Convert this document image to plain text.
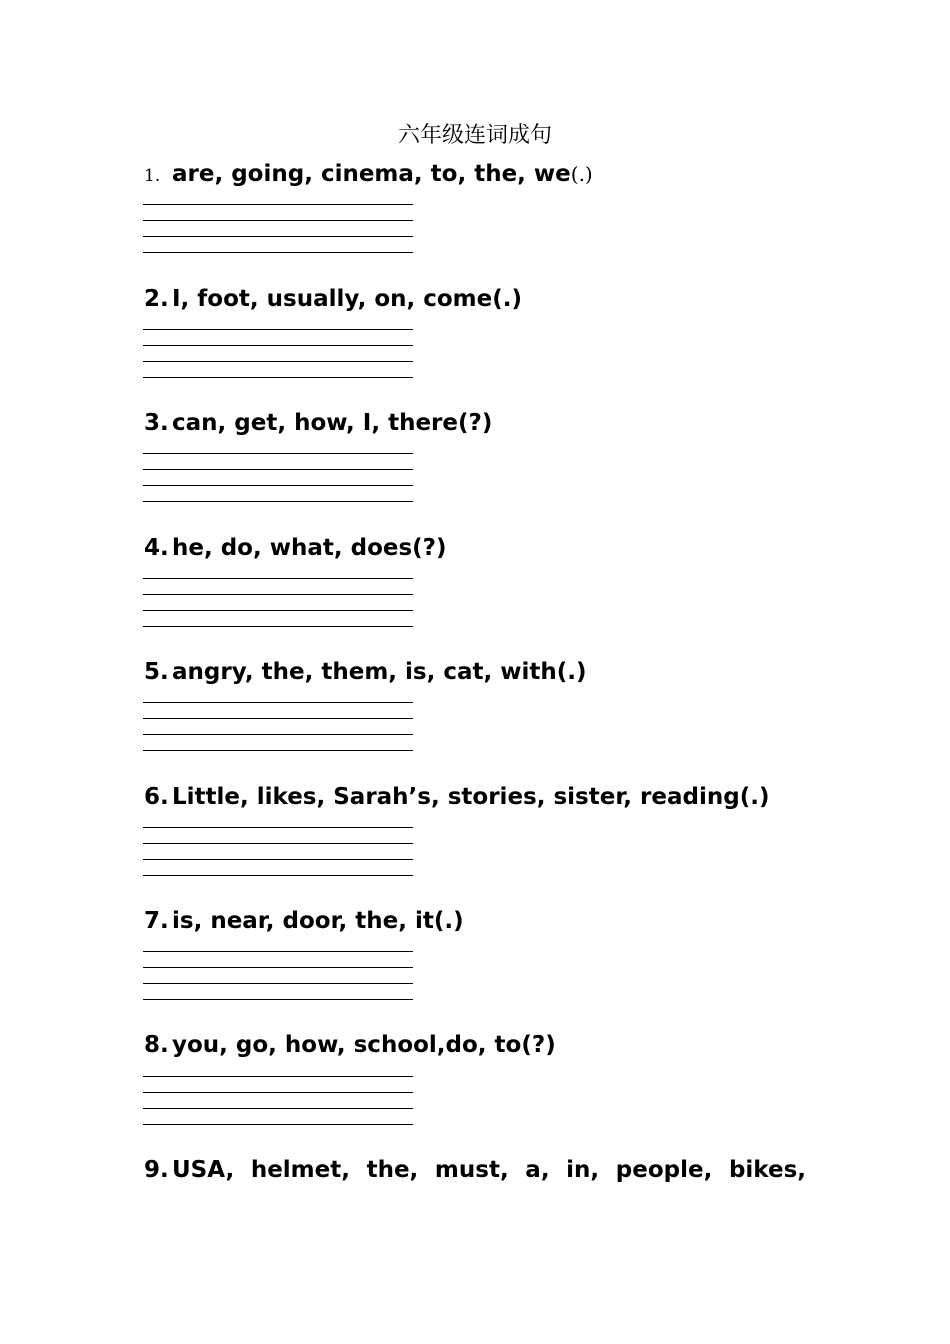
六年级连词成句
1. are, going, cinema, to, the, we(.)
2. I, foot, usually, on, come(.)
3. can, get, how, I, there(?)
4. he, do, what, does(?)
5. angry, the, them, is, cat, with(.)
6. Little, likes, Sarah’s, stories, sister, reading(.)
7. is, near, door, the, it(.)
8. you, go, how, school,do, to(?)
9. USA, helmet, the, must, a, in, people, bikes,
